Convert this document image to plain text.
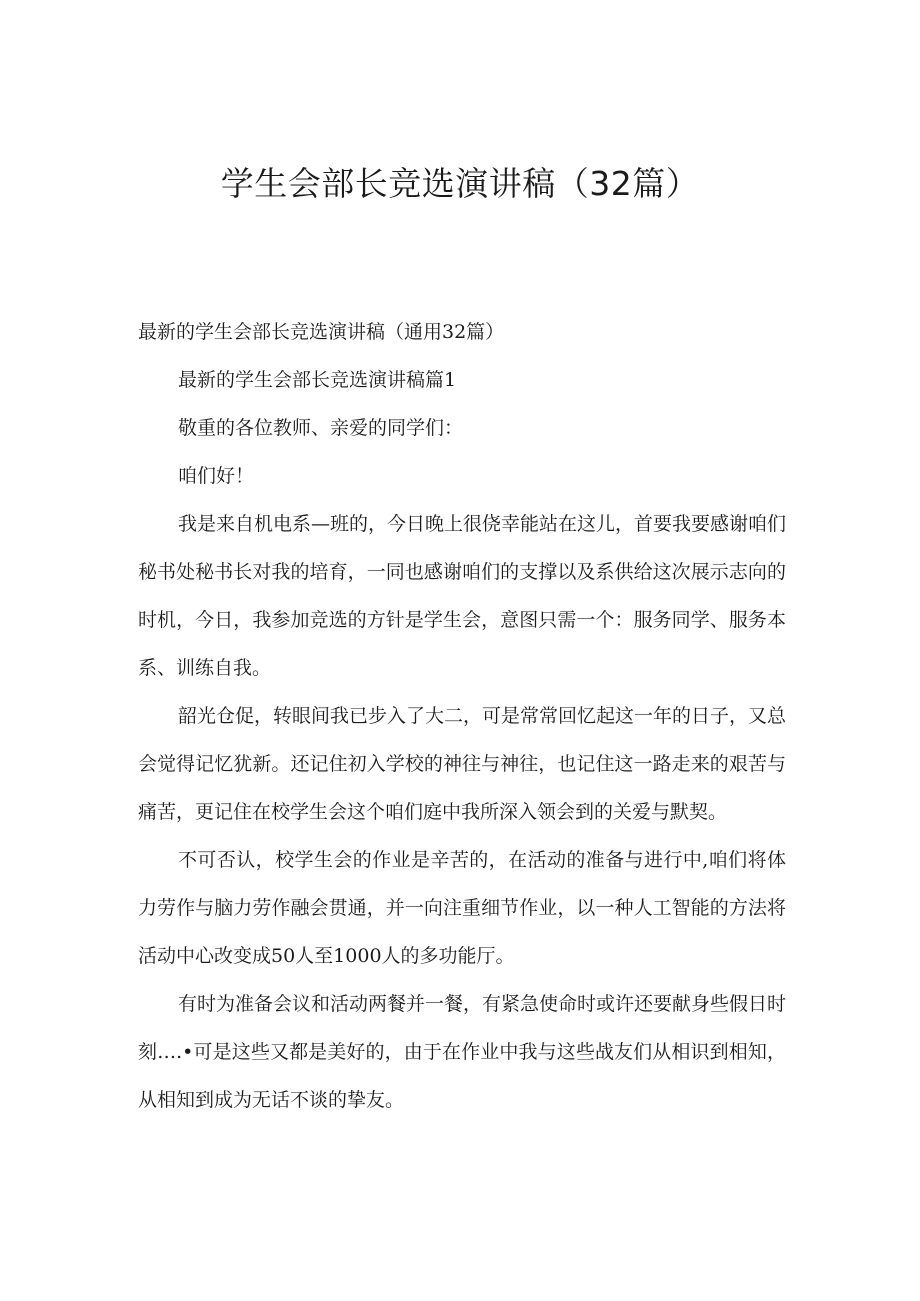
学生会部长竞选演讲稿（32篇）

最新的学生会部长竞选演讲稿（通用32篇）

最新的学生会部长竞选演讲稿篇1

敬重的各位教师、亲爱的同学们：

咱们好！

我是来自机电系—班的，今日晚上很侥幸能站在这儿，首要我要感谢咱们秘书处秘书长对我的培育，一同也感谢咱们的支撑以及系供给这次展示志向的时机，今日，我参加竞选的方针是学生会，意图只需一个：服务同学、服务本系、训练自我。

韶光仓促，转眼间我已步入了大二，可是常常回忆起这一年的日子，又总会觉得记忆犹新。还记住初入学校的神往与神往，也记住这一路走来的艰苦与痛苦，更记住在校学生会这个咱们庭中我所深入领会到的关爱与默契。

不可否认，校学生会的作业是辛苦的，在活动的准备与进行中,咱们将体力劳作与脑力劳作融会贯通，并一向注重细节作业，以一种人工智能的方法将活动中心改变成50人至1000人的多功能厅。

有时为准备会议和活动两餐并一餐，有紧急使命时或许还要献身些假日时刻….•可是这些又都是美好的，由于在作业中我与这些战友们从相识到相知，从相知到成为无话不谈的挚友。
